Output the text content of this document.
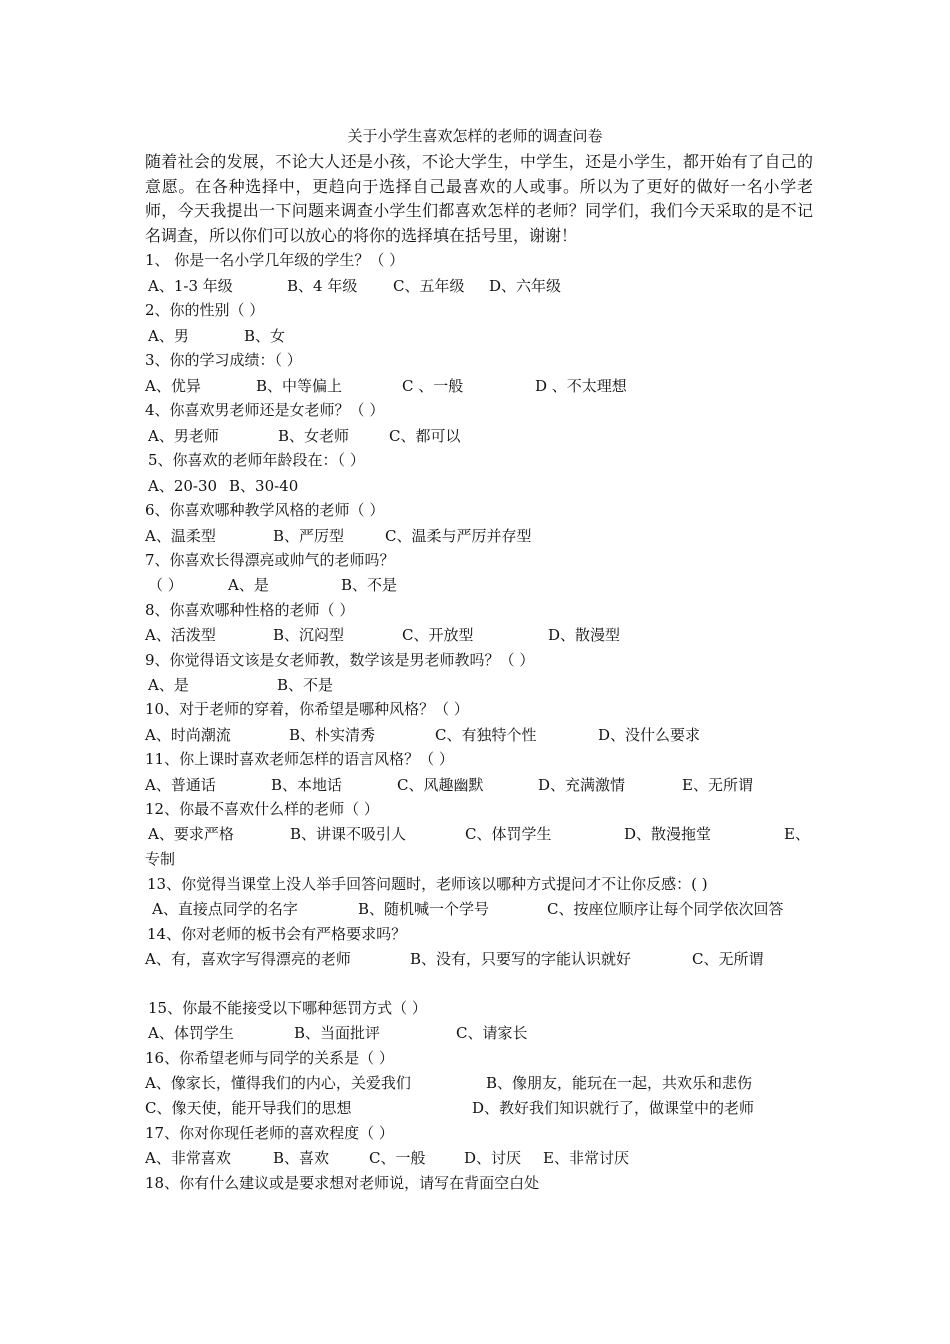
关于小学生喜欢怎样的老师的调查问卷
随着社会的发展，不论大人还是小孩，不论大学生，中学生，还是小学生，都开始有了自己的意愿。在各种选择中，更趋向于选择自己最喜欢的人或事。所以为了更好的做好一名小学老师，今天我提出一下问题来调查小学生们都喜欢怎样的老师？同学们，我们今天采取的是不记名调查，所以你们可以放心的将你的选择填在括号里，谢谢！
1、 你是一名小学几年级的学生？（ ）
A、1-3 年级	B、4 年级 C、五年级 D、六年级
2、你的性别（ ）
A、男	B、女
3、你的学习成绩：（ ）
A、优异	B、中等偏上	C 、一般	D 、不太理想
4、你喜欢男老师还是女老师？（ ）
A、男老师	B、女老师	C、都可以
5、你喜欢的老师年龄段在：（ ）
A、20-30 B、30-40
6、你喜欢哪种教学风格的老师（ ）
A、温柔型	B、严厉型	C、温柔与严厉并存型
7、你喜欢长得漂亮或帅气的老师吗？
（ ）	A、是	B、不是
8、你喜欢哪种性格的老师（ ）
A、活泼型	B、沉闷型	C、开放型	D、散漫型
9、你觉得语文该是女老师教，数学该是男老师教吗？（ ）
A、是	B、不是
10、对于老师的穿着，你希望是哪种风格？（ ）
A、时尚潮流	B、朴实清秀	C、有独特个性	D、没什么要求
11、你上课时喜欢老师怎样的语言风格？（ ）
A、普通话	B、本地话	C、风趣幽默	D、充满激情	E、无所谓
12、你最不喜欢什么样的老师（ ）
A、要求严格	B、讲课不吸引人	C、体罚学生	D、散漫拖堂	E、
专制
13、你觉得当课堂上没人举手回答问题时，老师该以哪种方式提问才不让你反感：( )
A、直接点同学的名字	B、随机喊一个学号	C、按座位顺序让每个同学依次回答
14、你对老师的板书会有严格要求吗？
A、有，喜欢字写得漂亮的老师	B、没有，只要写的字能认识就好	C、无所谓
15、你最不能接受以下哪种惩罚方式（ ）
A、体罚学生	B、当面批评	C、请家长
16、你希望老师与同学的关系是（ ）
A、像家长，懂得我们的内心，关爱我们	B、像朋友，能玩在一起，共欢乐和悲伤
C、像天使，能开导我们的思想	D、教好我们知识就行了，做课堂中的老师
17、你对你现任老师的喜欢程度（ ）
A、非常喜欢	B、喜欢	C、一般	D、讨厌 E、非常讨厌
18、你有什么建议或是要求想对老师说，请写在背面空白处
